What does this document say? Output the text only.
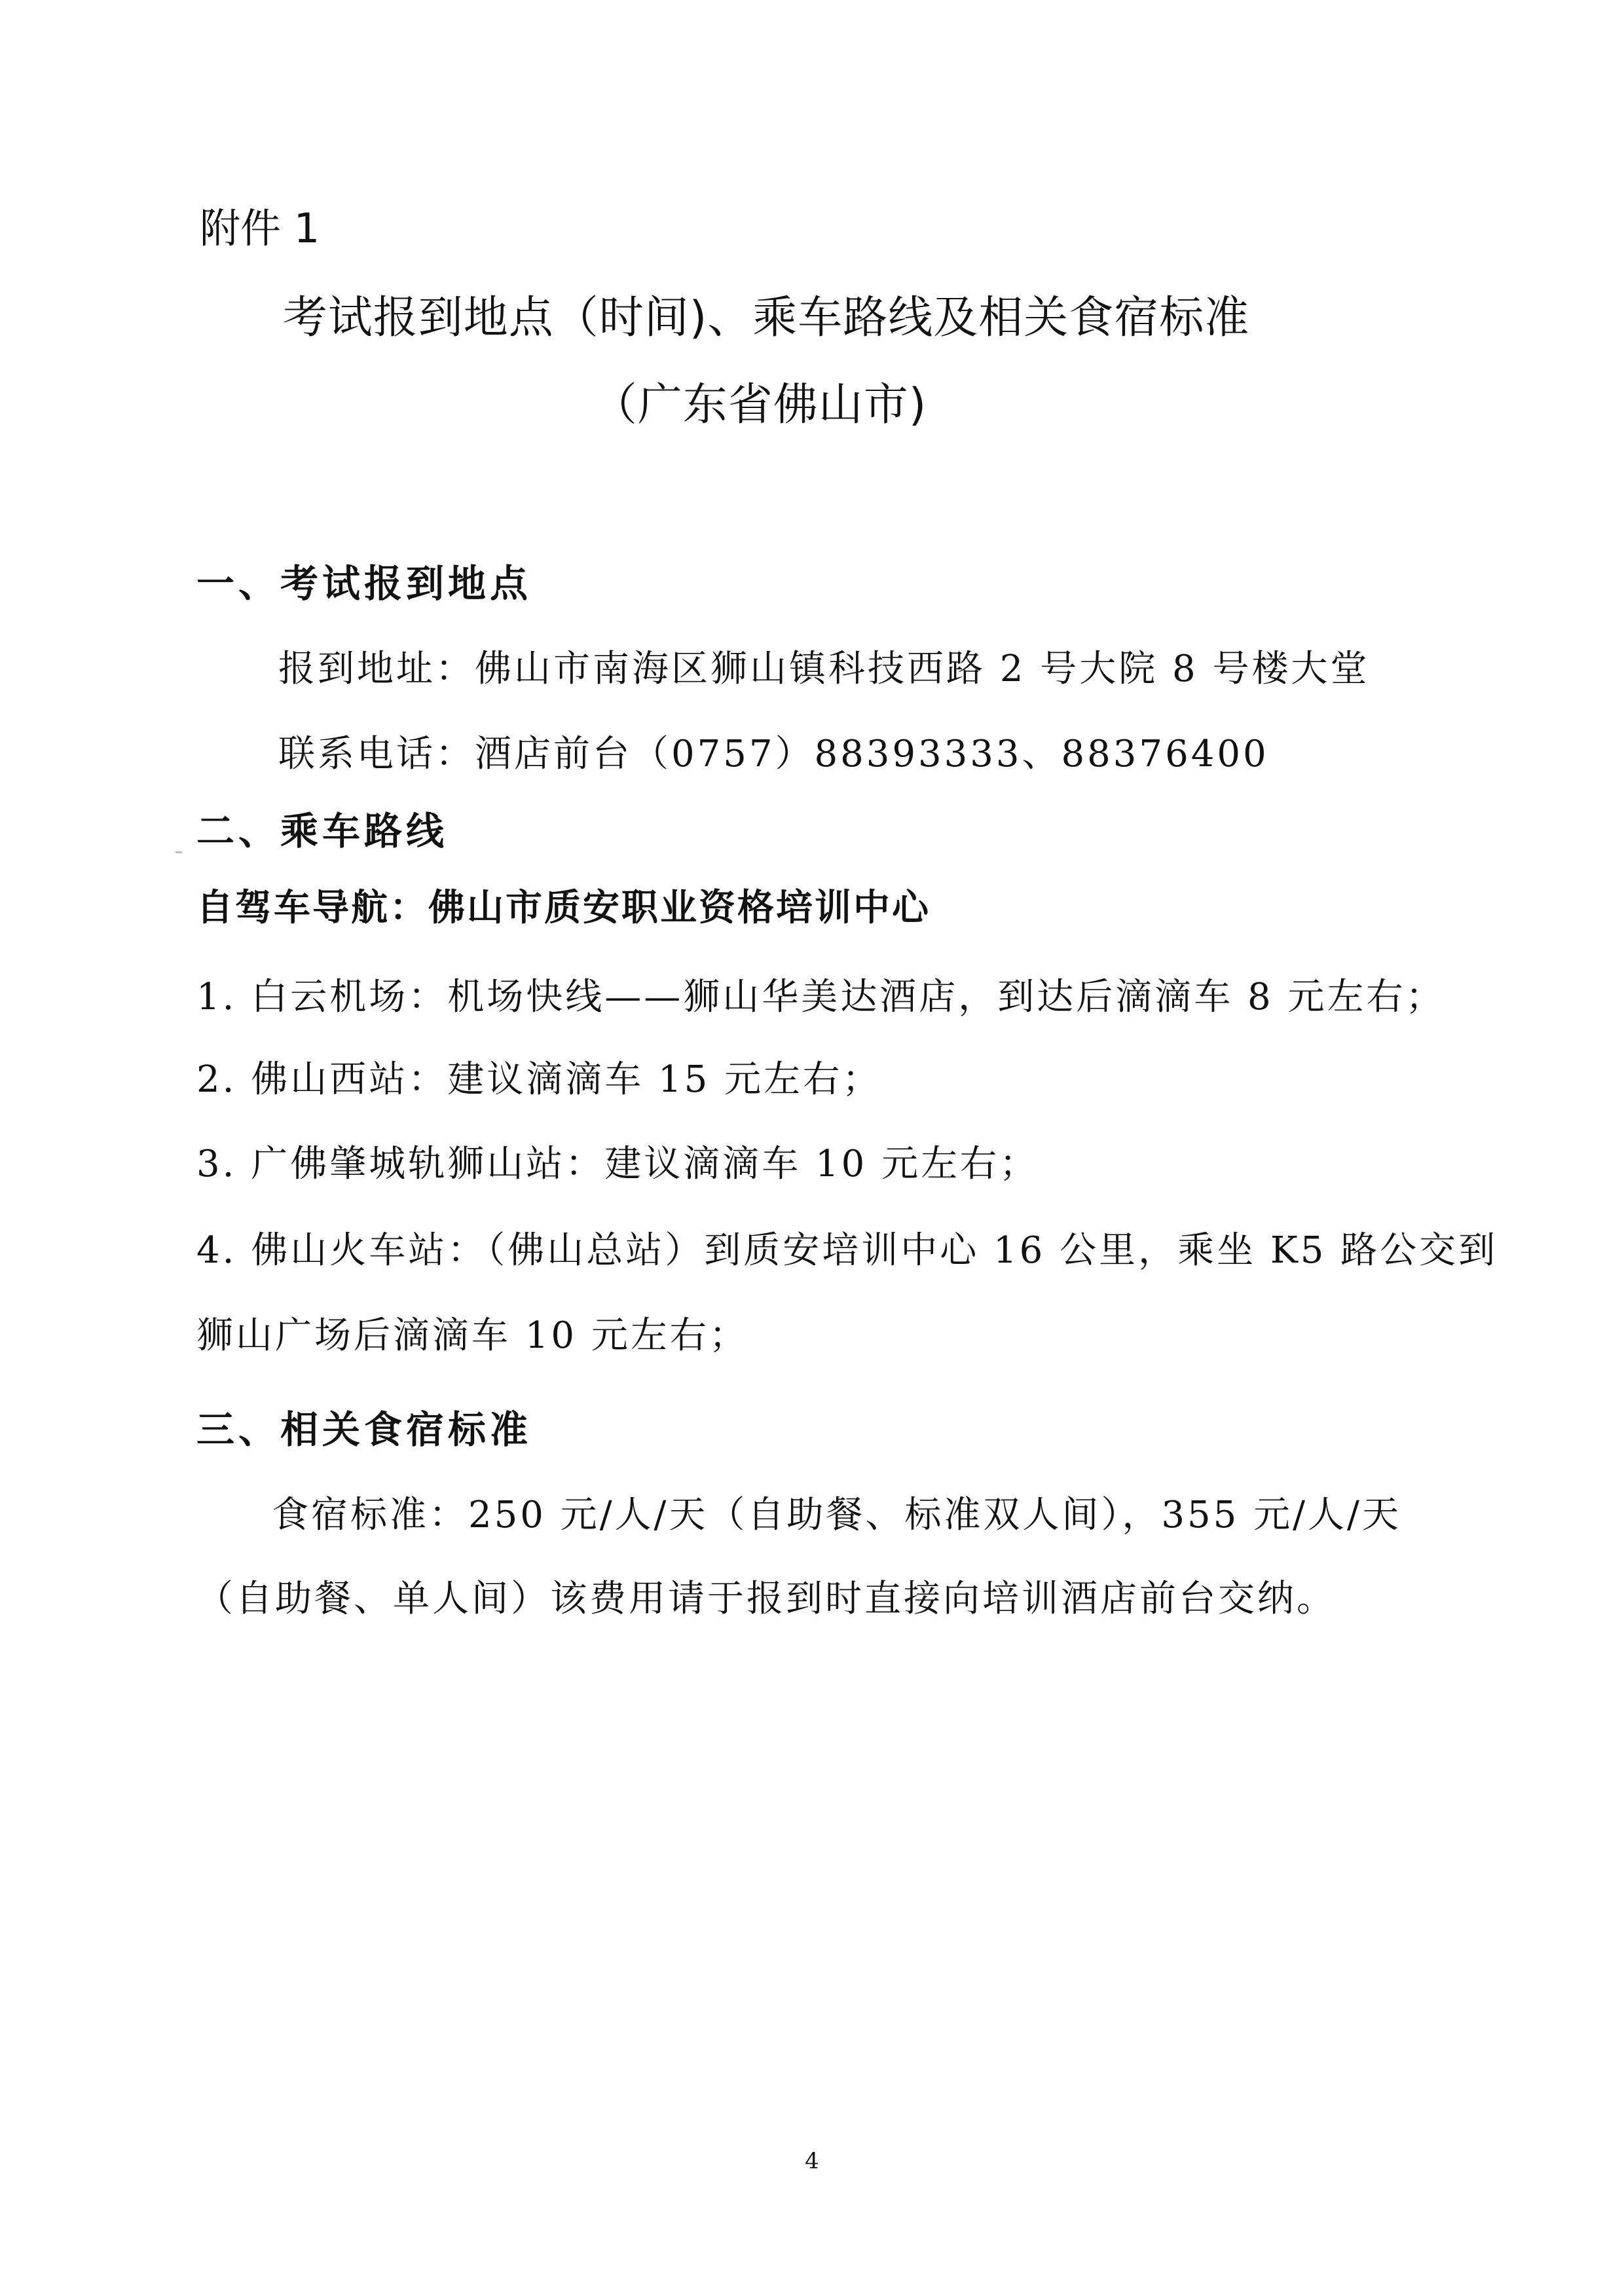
附件 1
考试报到地点（时间)、乘车路线及相关食宿标准
（广东省佛山市)
一、考试报到地点
报到地址：佛山市南海区狮山镇科技西路 2 号大院 8 号楼大堂
联系电话：酒店前台（0757）88393333、88376400
二、乘车路线
自驾车导航：佛山市质安职业资格培训中心
1. 白云机场：机场快线——狮山华美达酒店，到达后滴滴车 8 元左右；
2. 佛山西站：建议滴滴车 15 元左右；
3. 广佛肇城轨狮山站：建议滴滴车 10 元左右；
4. 佛山火车站：（佛山总站）到质安培训中心 16 公里，乘坐 K5 路公交到
狮山广场后滴滴车 10 元左右；
三、相关食宿标准
食宿标准：250 元/人/天（自助餐、标准双人间），355 元/人/天
（自助餐、单人间）该费用请于报到时直接向培训酒店前台交纳。
4
